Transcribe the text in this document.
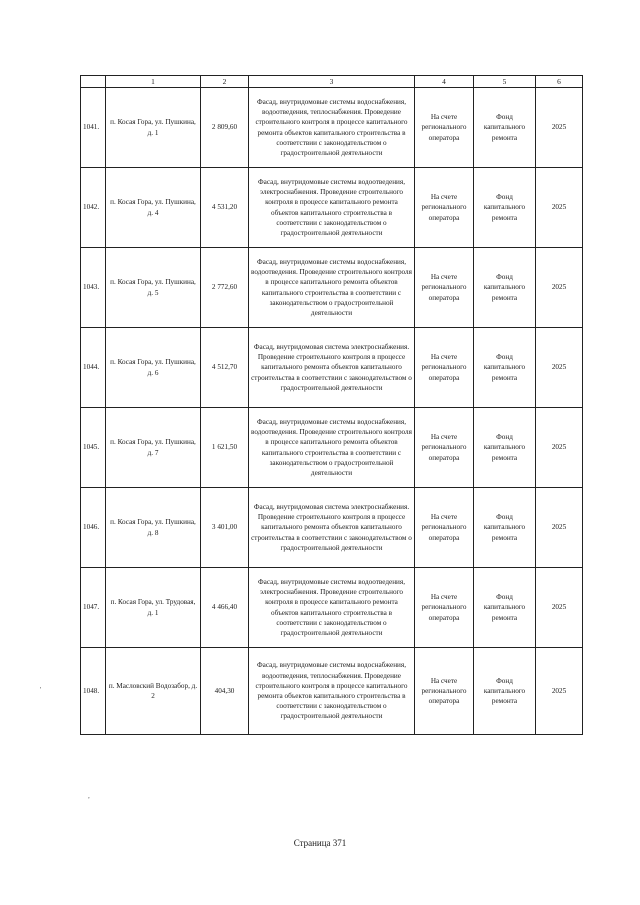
	1	2	3	4	5	6
1041.	п. Косая Гора, ул. Пушкина, д. 1	2 809,60	Фасад, внутридомовые системы водоснабжения, водоотведения, теплоснабжения. Проведение строительного контроля в процессе капитального ремонта объектов капитального строительства в соответствии с законодательством о градостроительной деятельности	На счете регионального оператора	Фонд капитального ремонта	2025
1042.	п. Косая Гора, ул. Пушкина, д. 4	4 531,20	Фасад, внутридомовые системы водоотведения, электроснабжения. Проведение строительного контроля в процессе капитального ремонта объектов капитального строительства в соответствии с законодательством о градостроительной деятельности	На счете регионального оператора	Фонд капитального ремонта	2025
1043.	п. Косая Гора, ул. Пушкина, д. 5	2 772,60	Фасад, внутридомовые системы водоснабжения, водоотведения. Проведение строительного контроля в процессе капитального ремонта объектов капитального строительства в соответствии с законодательством о градостроительной деятельности	На счете регионального оператора	Фонд капитального ремонта	2025
1044.	п. Косая Гора, ул. Пушкина, д. 6	4 512,70	Фасад, внутридомовая система электроснабжения. Проведение строительного контроля в процессе капитального ремонта объектов капитального строительства в соответствии с законодательством о градостроительной деятельности	На счете регионального оператора	Фонд капитального ремонта	2025
1045.	п. Косая Гора, ул. Пушкина, д. 7	1 621,50	Фасад, внутридомовые системы водоснабжения, водоотведения. Проведение строительного контроля в процессе капитального ремонта объектов капитального строительства в соответствии с законодательством о градостроительной деятельности	На счете регионального оператора	Фонд капитального ремонта	2025
1046.	п. Косая Гора, ул. Пушкина, д. 8	3 401,00	Фасад, внутридомовая система электроснабжения. Проведение строительного контроля в процессе капитального ремонта объектов капитального строительства в соответствии с законодательством о градостроительной деятельности	На счете регионального оператора	Фонд капитального ремонта	2025
1047.	п. Косая Гора, ул. Трудовая, д. 1	4 466,40	Фасад, внутридомовые системы водоотведения, электроснабжения. Проведение строительного контроля в процессе капитального ремонта объектов капитального строительства в соответствии с законодательством о градостроительной деятельности	На счете регионального оператора	Фонд капитального ремонта	2025
1048.	п. Масловский Водозабор, д. 2	404,30	Фасад, внутридомовые системы водоснабжения, водоотведения, теплоснабжения. Проведение строительного контроля в процессе капитального ремонта объектов капитального строительства в соответствии с законодательством о градостроительной деятельности	На счете регионального оператора	Фонд капитального ремонта	2025
'
,
Страница 371
